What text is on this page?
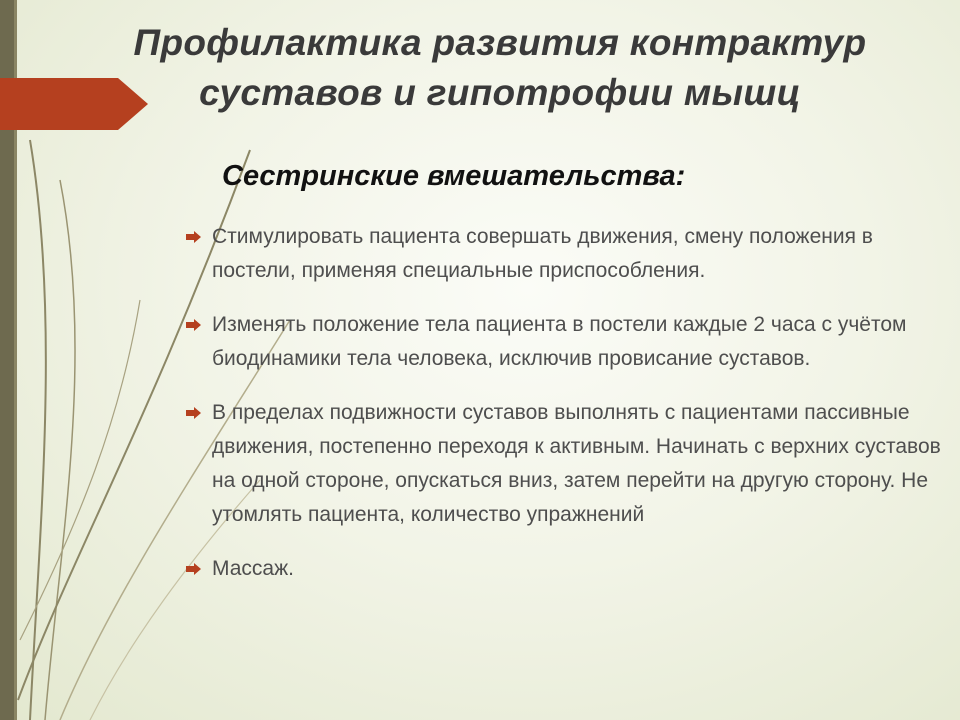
Профилактика развития контрактур суставов и гипотрофии мышц
Сестринские вмешательства:
Стимулировать пациента совершать движения, смену положения в постели, применяя специальные приспособления.
Изменять положение тела пациента в постели каждые 2 часа с учётом биодинамики тела человека, исключив провисание суставов.
В пределах подвижности суставов выполнять с пациентами пассивные движения, постепенно переходя к активным. Начинать с верхних суставов на одной стороне, опускаться вниз, затем перейти на другую сторону. Не утомлять пациента, количество упражнений
Массаж.
